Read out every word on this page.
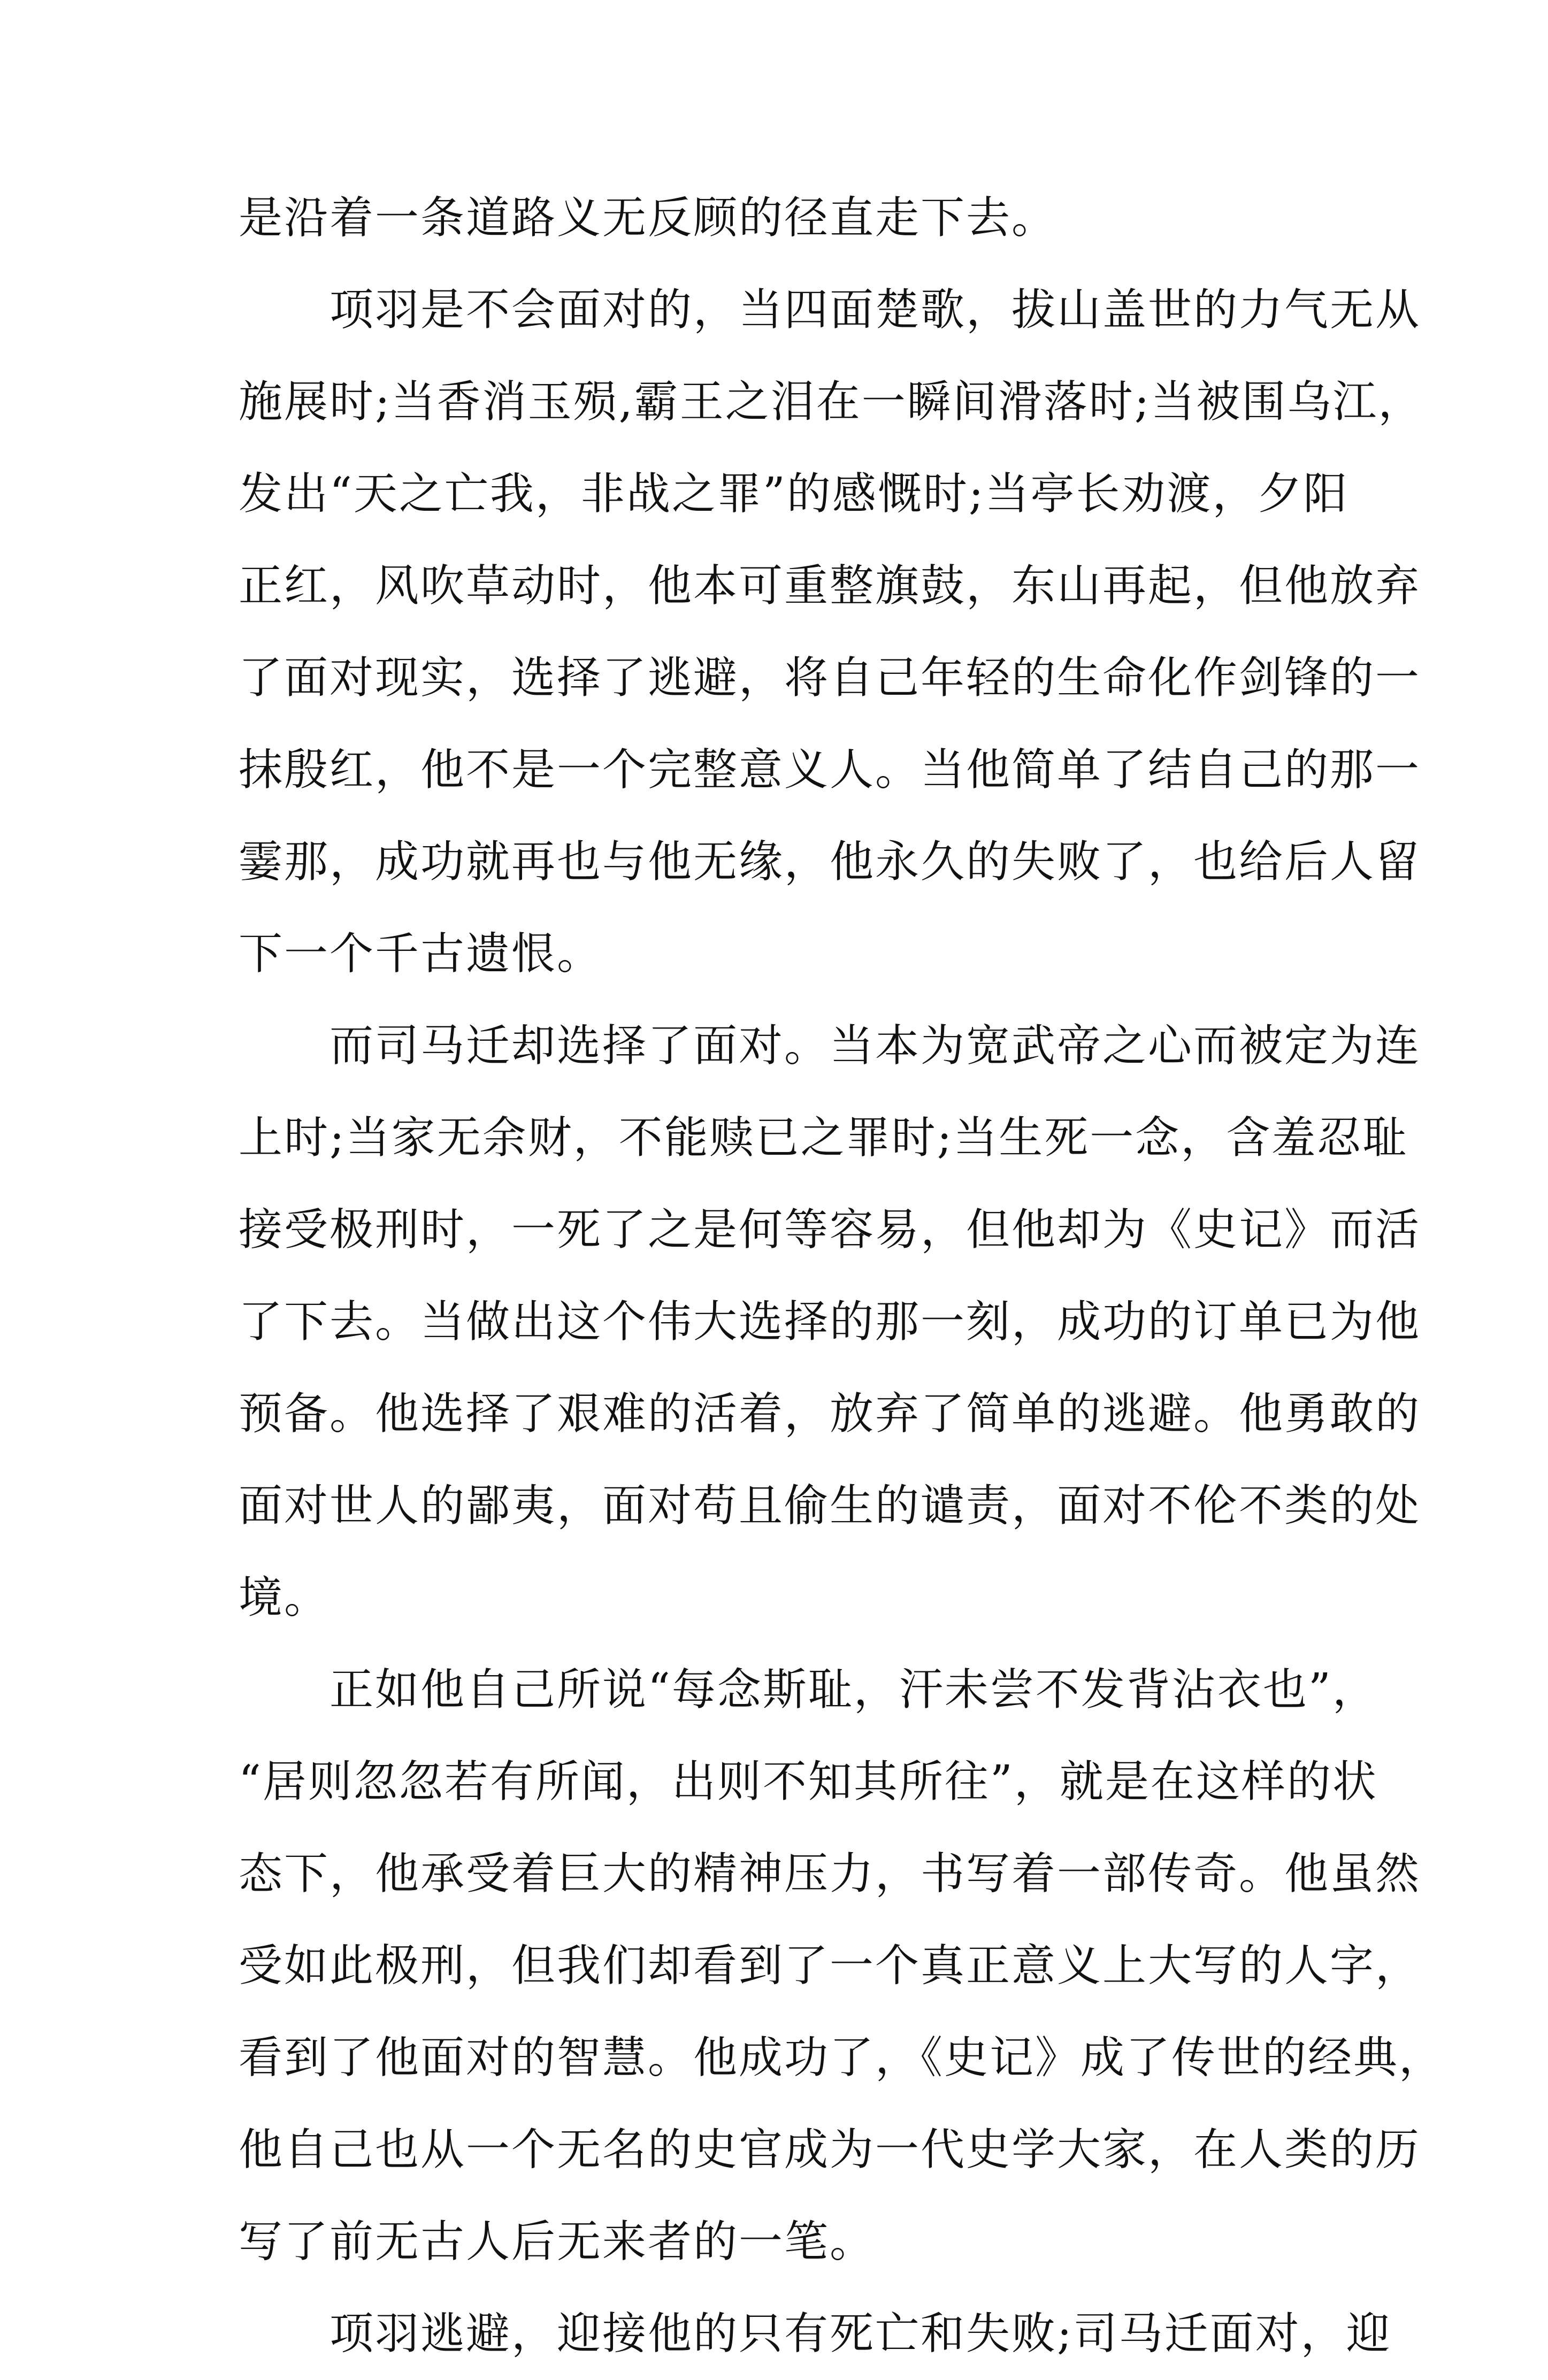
是沿着一条道路义无反顾的径直走下去。
　　项羽是不会面对的，当四面楚歌，拔山盖世的力气无从
施展时;当香消玉殒,霸王之泪在一瞬间滑落时;当被围乌江，
发出“天之亡我，非战之罪”的感慨时;当亭长劝渡，夕阳
正红，风吹草动时，他本可重整旗鼓，东山再起，但他放弃
了面对现实，选择了逃避，将自己年轻的生命化作剑锋的一
抹殷红，他不是一个完整意义人。当他简单了结自己的那一
霎那，成功就再也与他无缘，他永久的失败了，也给后人留
下一个千古遗恨。
　　而司马迁却选择了面对。当本为宽武帝之心而被定为连
上时;当家无余财，不能赎已之罪时;当生死一念，含羞忍耻
接受极刑时，一死了之是何等容易，但他却为《史记》而活
了下去。当做出这个伟大选择的那一刻，成功的订单已为他
预备。他选择了艰难的活着，放弃了简单的逃避。他勇敢的
面对世人的鄙夷，面对苟且偷生的谴责，面对不伦不类的处
境。
　　正如他自己所说“每念斯耻，汗未尝不发背沾衣也”，
“居则忽忽若有所闻，出则不知其所往”，就是在这样的状
态下，他承受着巨大的精神压力，书写着一部传奇。他虽然
受如此极刑，但我们却看到了一个真正意义上大写的人字，
看到了他面对的智慧。他成功了，《史记》成了传世的经典，
他自己也从一个无名的史官成为一代史学大家，在人类的历
写了前无古人后无来者的一笔。
　　项羽逃避，迎接他的只有死亡和失败;司马迁面对，迎
